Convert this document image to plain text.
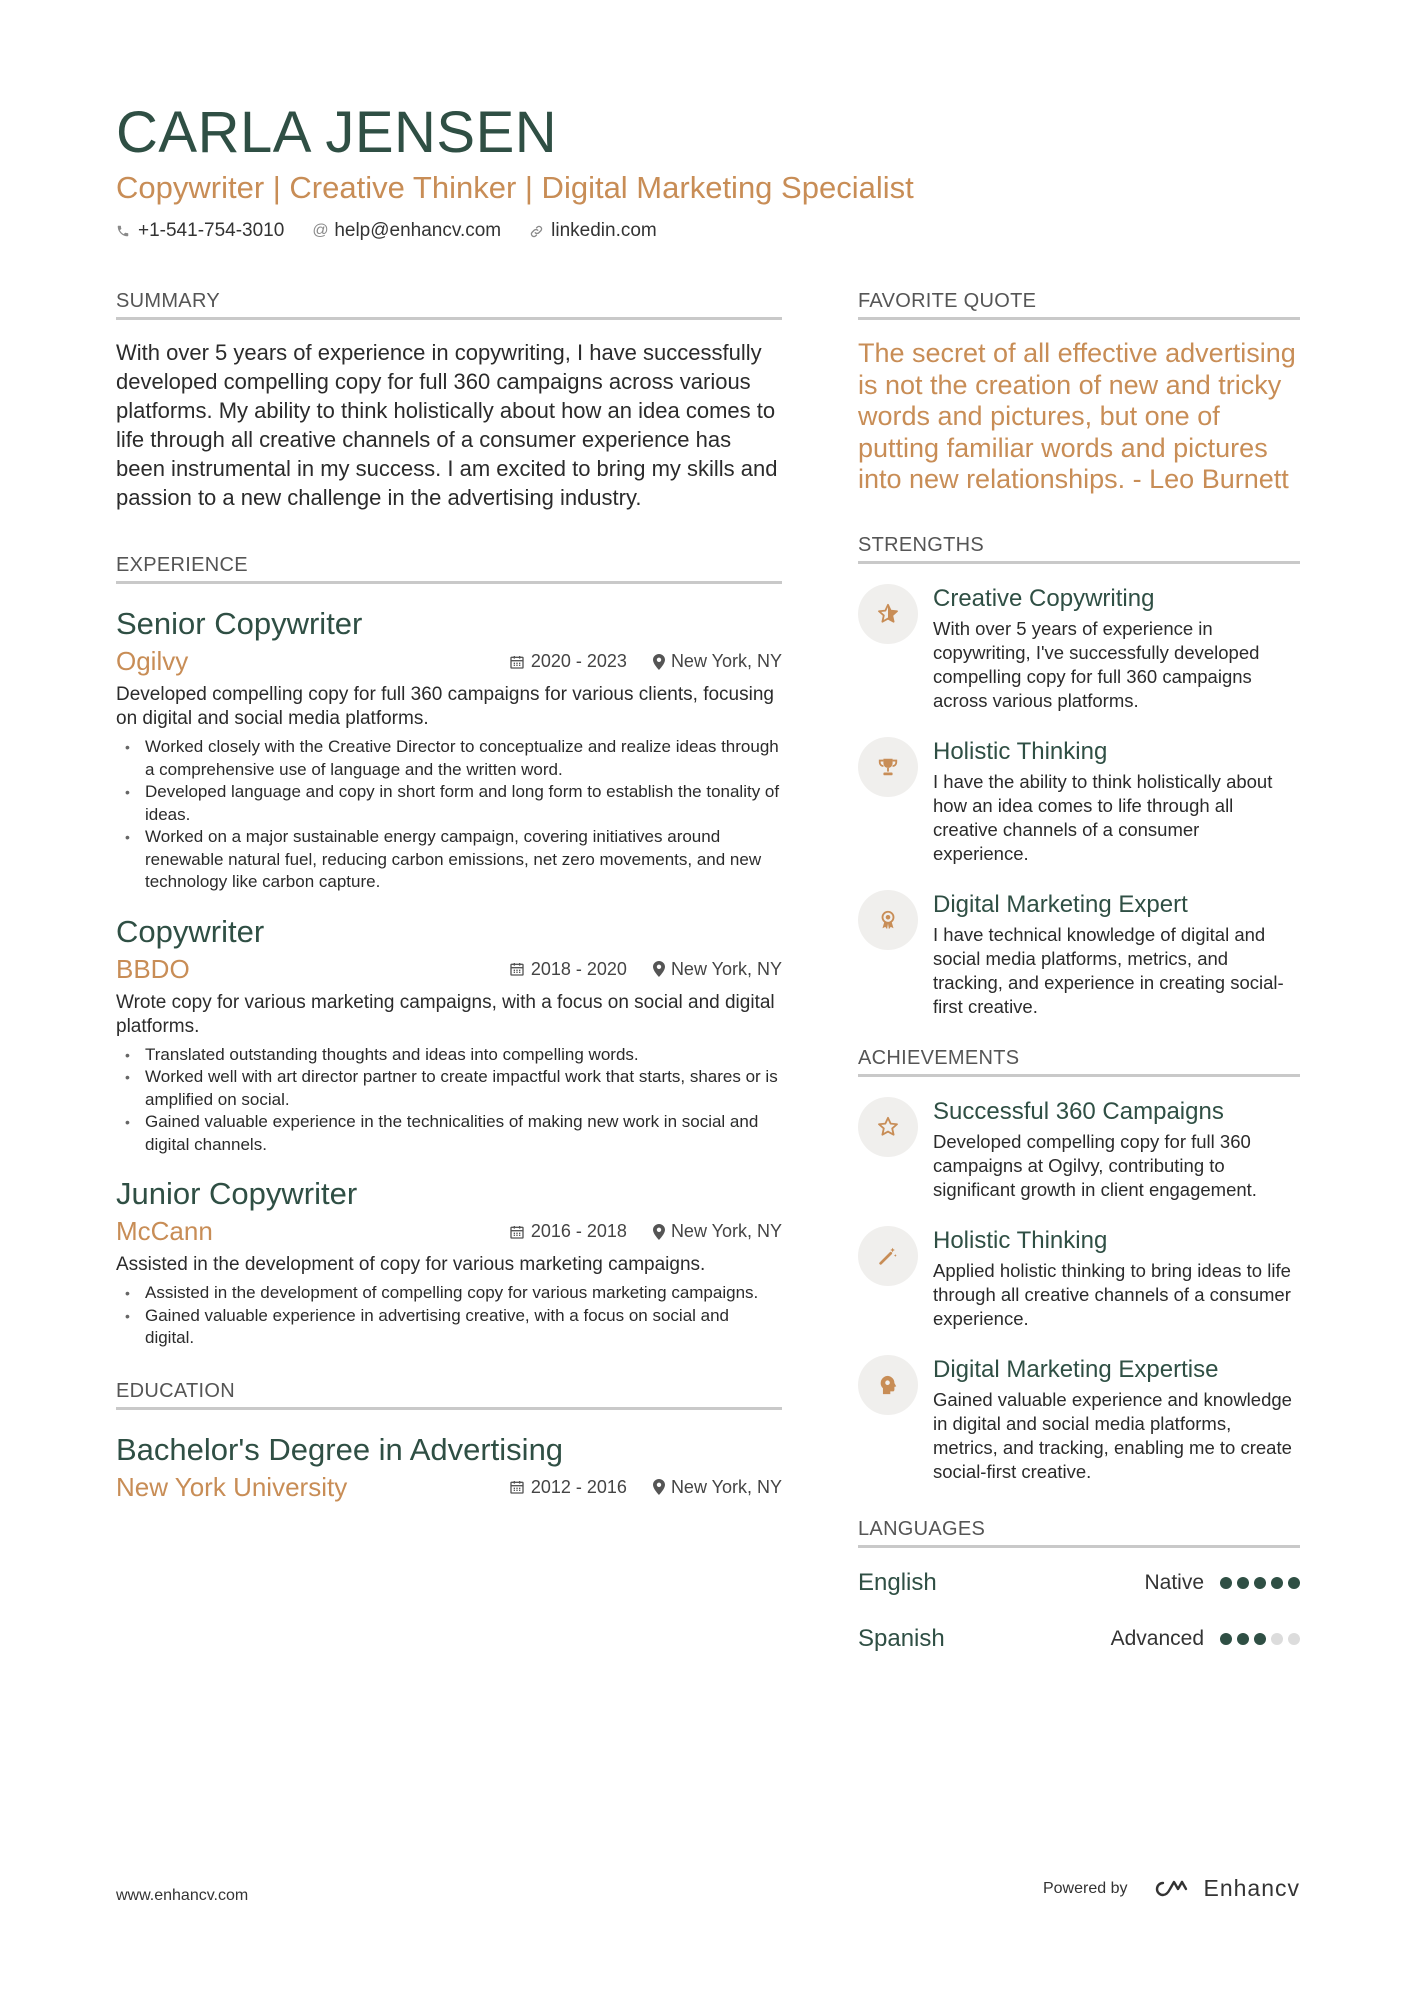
CARLA JENSEN
Copywriter | Creative Thinker | Digital Marketing Specialist
+1-541-754-3010 @ help@enhancv.com	linkedin.com
SUMMARY
With over 5 years of experience in copywriting, I have successfully developed compelling copy for full 360 campaigns across various platforms. My ability to think holistically about how an idea comes to life through all creative channels of a consumer experience has been instrumental in my success. I am excited to bring my skills and passion to a new challenge in the advertising industry.
EXPERIENCE
Senior Copywriter
Ogilvy	2020 - 2023 New York, NY
Developed compelling copy for full 360 campaigns for various clients, focusing on digital and social media platforms.
• Worked closely with the Creative Director to conceptualize and realize ideas through a comprehensive use of language and the written word.
• Developed language and copy in short form and long form to establish the tonality of ideas.
• Worked on a major sustainable energy campaign, covering initiatives around renewable natural fuel, reducing carbon emissions, net zero movements, and new technology like carbon capture.
Copywriter
BBDO	2018 - 2020 New York, NY
Wrote copy for various marketing campaigns, with a focus on social and digital platforms.
• Translated outstanding thoughts and ideas into compelling words.
• Worked well with art director partner to create impactful work that starts, shares or is amplified on social.
• Gained valuable experience in the technicalities of making new work in social and digital channels.
Junior Copywriter
McCann	2016 - 2018 New York, NY
Assisted in the development of copy for various marketing campaigns.
• Assisted in the development of compelling copy for various marketing campaigns.
• Gained valuable experience in advertising creative, with a focus on social and digital.
EDUCATION
Bachelor's Degree in Advertising
New York University	2012 - 2016 New York, NY
FAVORITE QUOTE
The secret of all effective advertising is not the creation of new and tricky words and pictures, but one of putting familiar words and pictures into new relationships. - Leo Burnett
STRENGTHS
Creative Copywriting
With over 5 years of experience in copywriting, I've successfully developed compelling copy for full 360 campaigns across various platforms.
Holistic Thinking
I have the ability to think holistically about how an idea comes to life through all creative channels of a consumer experience.
Digital Marketing Expert
I have technical knowledge of digital and social media platforms, metrics, and tracking, and experience in creating social-first creative.
ACHIEVEMENTS
Successful 360 Campaigns
Developed compelling copy for full 360 campaigns at Ogilvy, contributing to significant growth in client engagement.
Holistic Thinking
Applied holistic thinking to bring ideas to life through all creative channels of a consumer experience.
Digital Marketing Expertise
Gained valuable experience and knowledge in digital and social media platforms, metrics, and tracking, enabling me to create social-first creative.
LANGUAGES
English	Native
Spanish	Advanced
www.enhancv.com	Powered by	Enhancv
